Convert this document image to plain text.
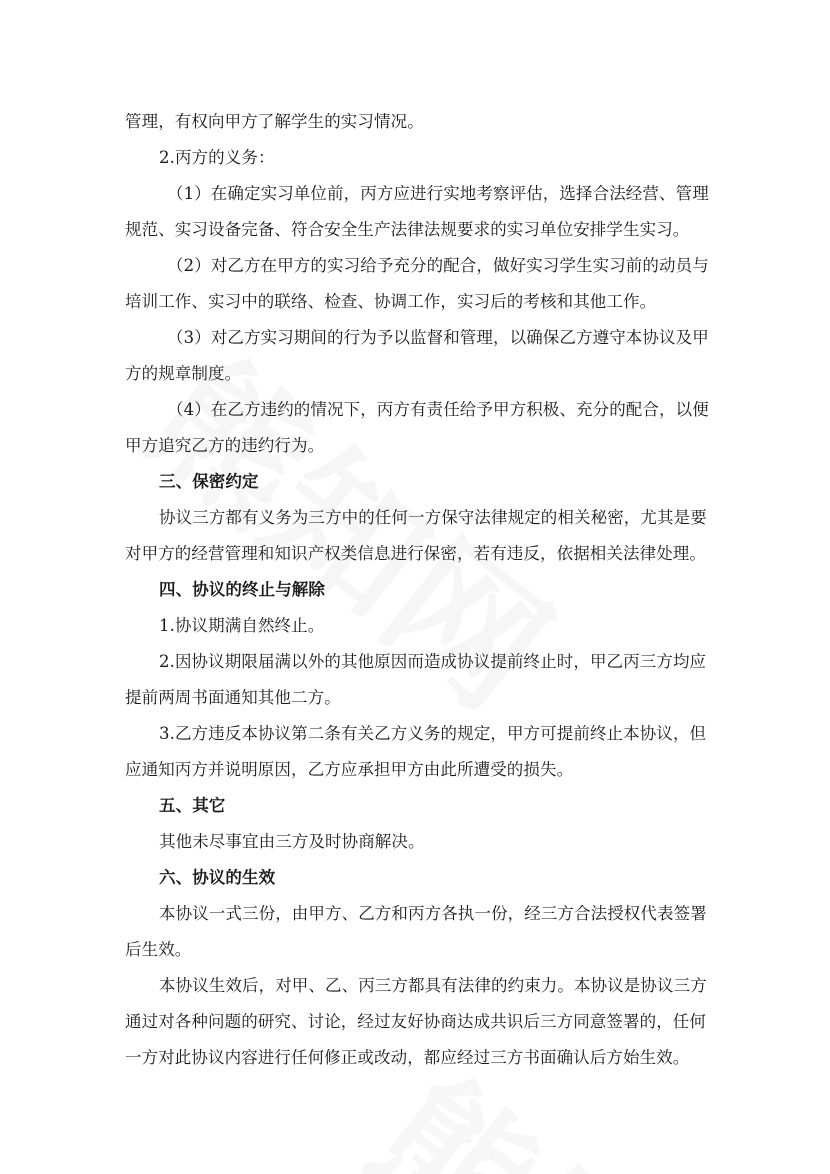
管理，有权向甲方了解学生的实习情况。
2.丙方的义务：
（1）在确定实习单位前，丙方应进行实地考察评估，选择合法经营、管理
规范、实习设备完备、符合安全生产法律法规要求的实习单位安排学生实习。
（2）对乙方在甲方的实习给予充分的配合，做好实习学生实习前的动员与
培训工作、实习中的联络、检查、协调工作，实习后的考核和其他工作。
（3）对乙方实习期间的行为予以监督和管理，以确保乙方遵守本协议及甲
方的规章制度。
（4）在乙方违约的情况下，丙方有责任给予甲方积极、充分的配合，以便
甲方追究乙方的违约行为。
三、保密约定
协议三方都有义务为三方中的任何一方保守法律规定的相关秘密，尤其是要
对甲方的经营管理和知识产权类信息进行保密，若有违反，依据相关法律处理。
四、协议的终止与解除
1.协议期满自然终止。
2.因协议期限届满以外的其他原因而造成协议提前终止时，甲乙丙三方均应
提前两周书面通知其他二方。
3.乙方违反本协议第二条有关乙方义务的规定，甲方可提前终止本协议，但
应通知丙方并说明原因，乙方应承担甲方由此所遭受的损失。
五、其它
其他未尽事宜由三方及时协商解决。
六、协议的生效
本协议一式三份，由甲方、乙方和丙方各执一份，经三方合法授权代表签署
后生效。
本协议生效后，对甲、乙、丙三方都具有法律的约束力。本协议是协议三方
通过对各种问题的研究、讨论，经过友好协商达成共识后三方同意签署的，任何
一方对此协议内容进行任何修正或改动，都应经过三方书面确认后方始生效。
